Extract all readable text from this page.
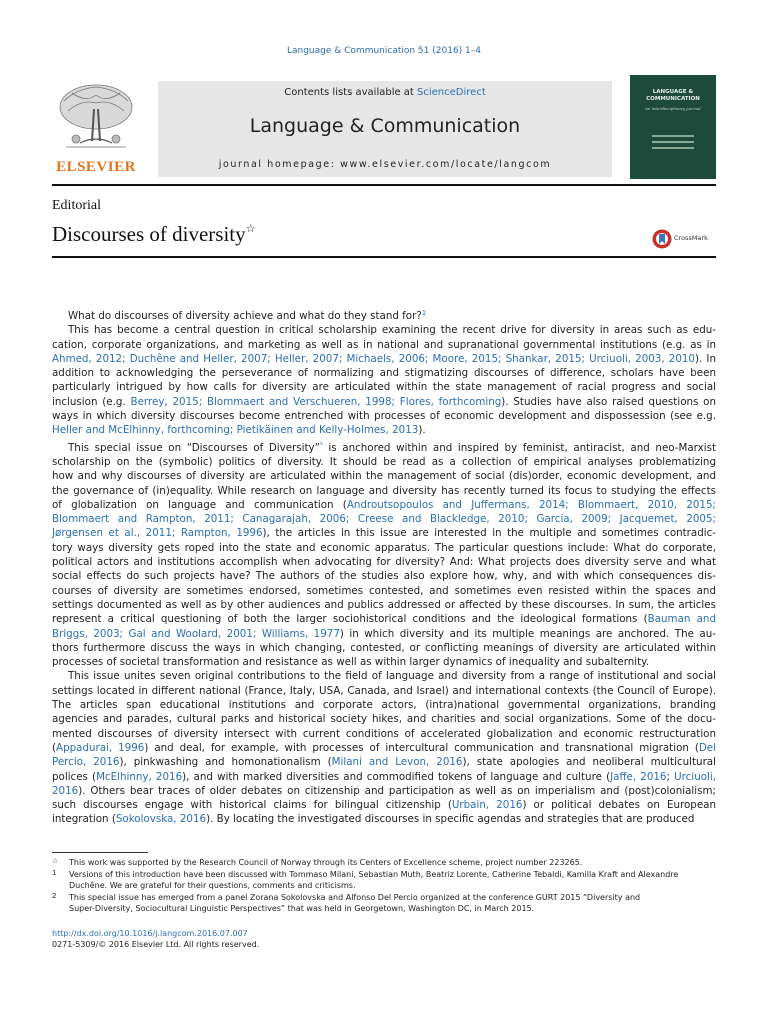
Language & Communication 51 (2016) 1–4
ELSEVIER
Contents lists available at ScienceDirect
Language & Communication
journal homepage: www.elsevier.com/locate/langcom
LANGUAGE & COMMUNICATION
an interdisciplinary journal
Editorial
Discourses of diversity☆
CrossMark
What do discourses of diversity achieve and what do they stand for?$^1$
This has become a central question in critical scholarship examining the recent drive for diversity in areas such as edu-
cation, corporate organizations, and marketing as well as in national and supranational governmental institutions (e.g. as in
Ahmed, 2012; Duchêne and Heller, 2007; Heller, 2007; Michaels, 2006; Moore, 2015; Shankar, 2015; Urciuoli, 2003, 2010). In
addition to acknowledging the perseverance of normalizing and stigmatizing discourses of difference, scholars have been
particularly intrigued by how calls for diversity are articulated within the state management of racial progress and social
inclusion (e.g. Berrey, 2015; Blommaert and Verschueren, 1998; Flores, forthcoming). Studies have also raised questions on
ways in which diversity discourses become entrenched with processes of economic development and dispossession (see e.g.
Heller and McElhinny, forthcoming; Pietikäinen and Kelly-Holmes, 2013).
This special issue on “Discourses of Diversity”$^{^2}$ is anchored within and inspired by feminist, antiracist, and neo-Marxist
scholarship on the (symbolic) politics of diversity. It should be read as a collection of empirical analyses problematizing
how and why discourses of diversity are articulated within the management of social (dis)order, economic development, and
the governance of (in)equality. While research on language and diversity has recently turned its focus to studying the effects
of globalization on language and communication (Androutsopoulos and Juffermans, 2014; Blommaert, 2010, 2015;
Blommaert and Rampton, 2011; Canagarajah, 2006; Creese and Blackledge, 2010; García, 2009; Jacquemet, 2005;
Jørgensen et al., 2011; Rampton, 1996), the articles in this issue are interested in the multiple and sometimes contradic-
tory ways diversity gets roped into the state and economic apparatus. The particular questions include: What do corporate,
political actors and institutions accomplish when advocating for diversity? And: What projects does diversity serve and what
social effects do such projects have? The authors of the studies also explore how, why, and with which consequences dis-
courses of diversity are sometimes endorsed, sometimes contested, and sometimes even resisted within the spaces and
settings documented as well as by other audiences and publics addressed or affected by these discourses. In sum, the articles
represent a critical questioning of both the larger sociohistorical conditions and the ideological formations (Bauman and
Briggs, 2003; Gal and Woolard, 2001; Williams, 1977) in which diversity and its multiple meanings are anchored. The au-
thors furthermore discuss the ways in which changing, contested, or conflicting meanings of diversity are articulated within
processes of societal transformation and resistance as well as within larger dynamics of inequality and subalternity.
This issue unites seven original contributions to the field of language and diversity from a range of institutional and social
settings located in different national (France, Italy, USA, Canada, and Israel) and international contexts (the Council of Europe).
The articles span educational institutions and corporate actors, (intra)national governmental organizations, branding
agencies and parades, cultural parks and historical society hikes, and charities and social organizations. Some of the docu-
mented discourses of diversity intersect with current conditions of accelerated globalization and economic restructuration
(Appadurai, 1996) and deal, for example, with processes of intercultural communication and transnational migration (Del
Percio, 2016), pinkwashing and homonationalism (Milani and Levon, 2016), state apologies and neoliberal multicultural
polices (McElhinny, 2016), and with marked diversities and commodified tokens of language and culture (Jaffe, 2016; Urciuoli,
2016). Others bear traces of older debates on citizenship and participation as well as on imperialism and (post)colonialism;
such discourses engage with historical claims for bilingual citizenship (Urbain, 2016) or political debates on European
integration (Sokolovska, 2016). By locating the investigated discourses in specific agendas and strategies that are produced
☆ This work was supported by the Research Council of Norway through its Centers of Excellence scheme, project number 223265.
1 Versions of this introduction have been discussed with Tommaso Milani, Sebastian Muth, Beatriz Lorente, Catherine Tebaldi, Kamilla Kraft and Alexandre
Duchêne. We are grateful for their questions, comments and criticisms.
2 This special issue has emerged from a panel Zorana Sokolovska and Alfonso Del Percio organized at the conference GURT 2015 “Diversity and
Super-Diversity, Sociocultural Linguistic Perspectives” that was held in Georgetown, Washington DC, in March 2015.
http://dx.doi.org/10.1016/j.langcom.2016.07.007
0271-5309/© 2016 Elsevier Ltd. All rights reserved.
